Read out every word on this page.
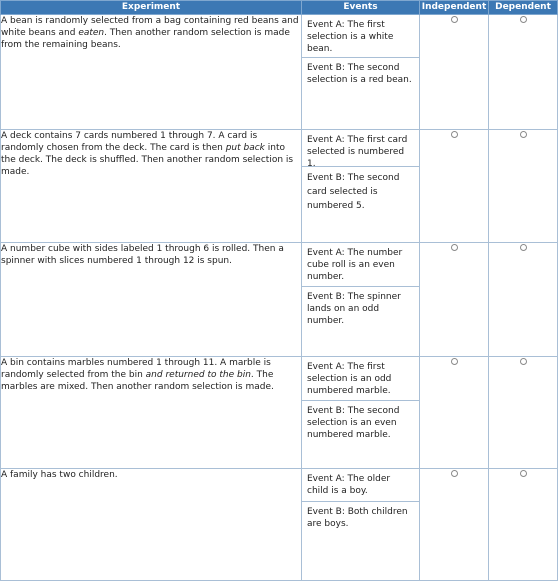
Experiment	Events	Independent	Dependent
A bean is randomly selected from a bag containing red beans and white beans and eaten. Then another random selection is made from the remaining beans.	Event A: The first selection is a white bean.
Event B: The second selection is a red bean.		

A deck contains 7 cards numbered 1 through 7. A card is randomly chosen from the deck. The card is then put back into the deck. The deck is shuffled. Then another random selection is made.	Event A: The first card selected is numbered 1.
Event B: The second card selected is numbered 5.		

A number cube with sides labeled 1 through 6 is rolled. Then a spinner with slices numbered 1 through 12 is spun.	Event A: The number cube roll is an even number.
Event B: The spinner lands on an odd number.		

A bin contains marbles numbered 1 through 11. A marble is randomly selected from the bin and returned to the bin. The marbles are mixed. Then another random selection is made.	Event A: The first selection is an odd numbered marble.
Event B: The second selection is an even numbered marble.		

A family has two children.	Event A: The older child is a boy.
Event B: Both children are boys.		
